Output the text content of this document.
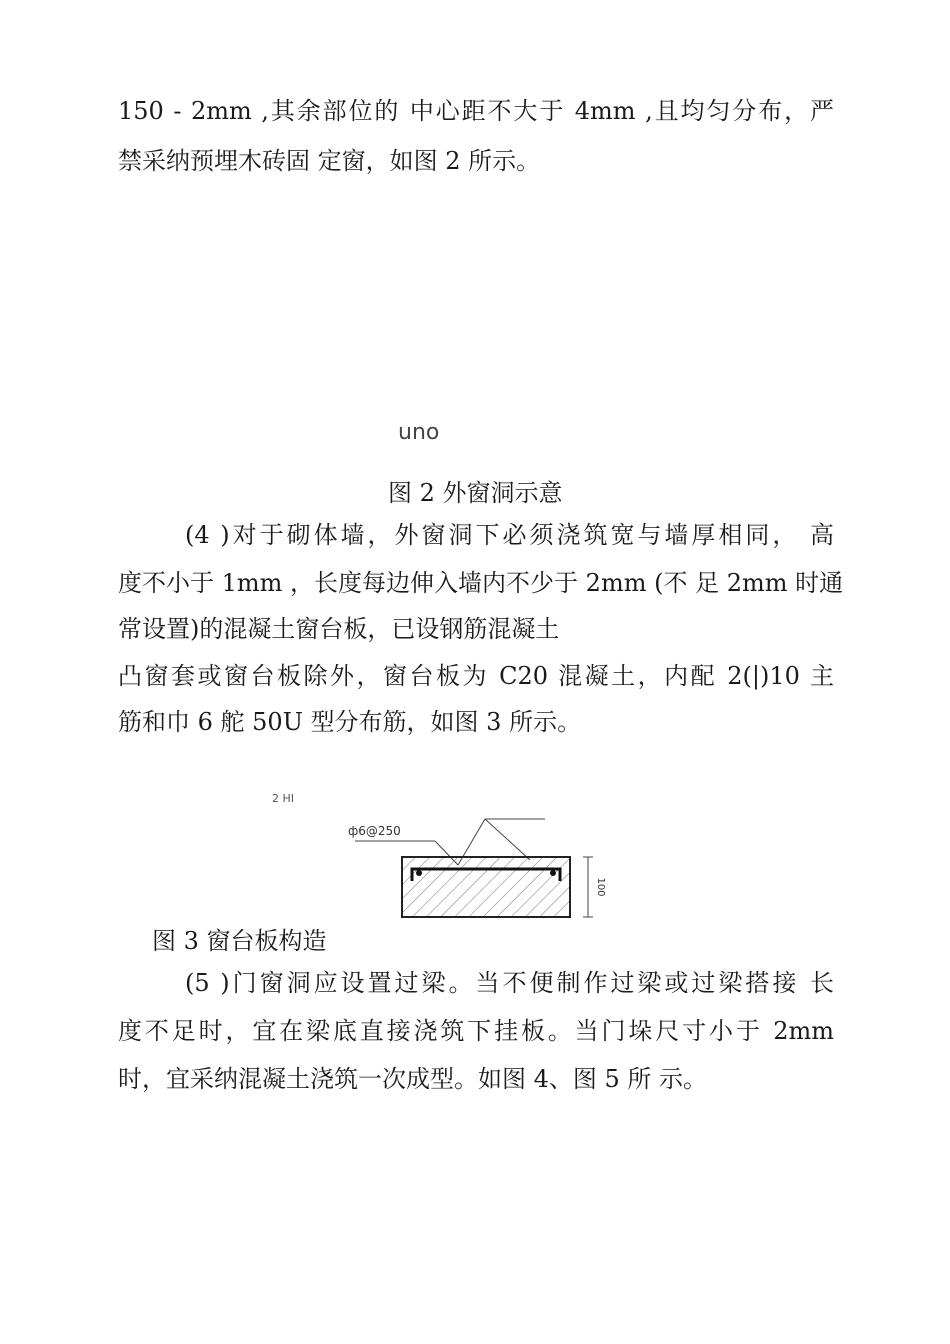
150 - 2mm ,其余部位的 中心距不大于 4mm ,且均匀分布，严
禁采纳预埋木砖固 定窗，如图 2 所示。
uno
图 2 外窗洞示意
(4 )对于砌体墙，外窗洞下必须浇筑宽与墙厚相同， 高
度不小于 1mm ，长度每边伸入墙内不少于 2mm (不 足 2mm 时通
常设置)的混凝土窗台板，已设钢筋混凝土
凸窗套或窗台板除外，窗台板为 C20 混凝土，内配 2(|)10 主
筋和巾 6 舵 50U 型分布筋，如图 3 所示。
2 HI
ф6@250
100
图 3 窗台板构造
(5 )门窗洞应设置过梁。当不便制作过梁或过梁搭接 长
度不足时，宜在梁底直接浇筑下挂板。当门垛尺寸小于 2mm
时，宜采纳混凝土浇筑一次成型。如图 4、图 5 所 示。
